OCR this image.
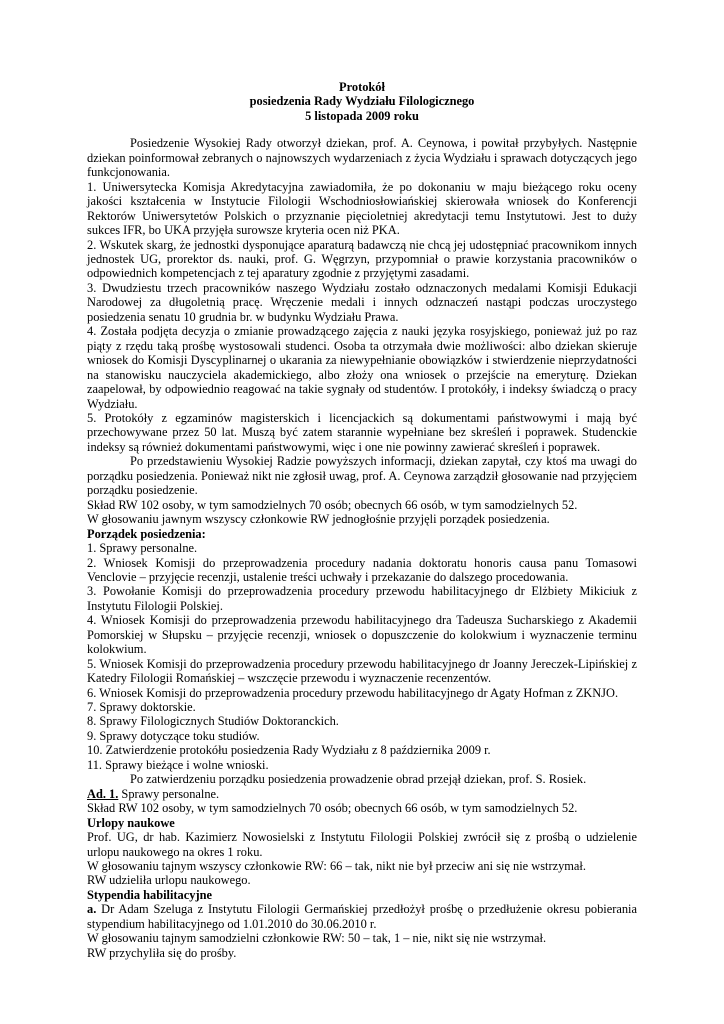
Protokół

posiedzenia Rady Wydziału Filologicznego

5 listopada 2009 roku

Posiedzenie Wysokiej Rady otworzył dziekan, prof. A. Ceynowa, i powitał przybyłych. Następnie dziekan poinformował zebranych o najnowszych wydarzeniach z życia Wydziału i sprawach dotyczących jego funkcjonowania.

1. Uniwersytecka Komisja Akredytacyjna zawiadomiła, że po dokonaniu w maju bieżącego roku oceny jakości kształcenia w Instytucie Filologii Wschodniosłowiańskiej skierowała wniosek do Konferencji Rektorów Uniwersytetów Polskich o przyznanie pięcioletniej akredytacji temu Instytutowi. Jest to duży sukces IFR, bo UKA przyjęła surowsze kryteria ocen niż PKA.

2. Wskutek skarg, że jednostki dysponujące aparaturą badawczą nie chcą jej udostępniać pracownikom innych jednostek UG, prorektor ds. nauki, prof. G. Węgrzyn, przypomniał o prawie korzystania pracowników o odpowiednich kompetencjach z tej aparatury zgodnie z przyjętymi zasadami.

3. Dwudziestu trzech pracowników naszego Wydziału zostało odznaczonych medalami Komisji Edukacji Narodowej za długoletnią pracę. Wręczenie medali i innych odznaczeń nastąpi podczas uroczystego posiedzenia senatu 10 grudnia br. w budynku Wydziału Prawa.

4. Została podjęta decyzja o zmianie prowadzącego zajęcia z nauki języka rosyjskiego, ponieważ już po raz piąty z rzędu taką prośbę wystosowali studenci. Osoba ta otrzymała dwie możliwości: albo dziekan skieruje wniosek do Komisji Dyscyplinarnej o ukarania za niewypełnianie obowiązków i stwierdzenie nieprzydatności na stanowisku nauczyciela akademickiego, albo złoży ona wniosek o przejście na emeryturę. Dziekan zaapelował, by odpowiednio reagować na takie sygnały od studentów. I protokóły, i indeksy świadczą o pracy Wydziału.

5. Protokóły z egzaminów magisterskich i licencjackich są dokumentami państwowymi i mają być przechowywane przez 50 lat. Muszą być zatem starannie wypełniane bez skreśleń i poprawek. Studenckie indeksy są również dokumentami państwowymi, więc i one nie powinny zawierać skreśleń i poprawek.

Po przedstawieniu Wysokiej Radzie powyższych informacji, dziekan zapytał, czy ktoś ma uwagi do porządku posiedzenia. Ponieważ nikt nie zgłosił uwag, prof. A. Ceynowa zarządził głosowanie nad przyjęciem porządku posiedzenie.

Skład RW 102 osoby, w tym samodzielnych 70 osób; obecnych 66 osób, w tym samodzielnych 52.

W głosowaniu jawnym wszyscy członkowie RW jednogłośnie przyjęli porządek posiedzenia.

Porządek posiedzenia:

1. Sprawy personalne.

2. Wniosek Komisji do przeprowadzenia procedury nadania doktoratu honoris causa panu Tomasowi Venclovie – przyjęcie recenzji, ustalenie treści uchwały i przekazanie do dalszego procedowania.

3. Powołanie Komisji do przeprowadzenia procedury przewodu habilitacyjnego dr Elżbiety Mikiciuk z Instytutu Filologii Polskiej.

4. Wniosek Komisji do przeprowadzenia przewodu habilitacyjnego dra Tadeusza Sucharskiego z Akademii Pomorskiej w Słupsku – przyjęcie recenzji, wniosek o dopuszczenie do kolokwium i wyznaczenie terminu kolokwium.

5. Wniosek Komisji do przeprowadzenia procedury przewodu habilitacyjnego dr Joanny Jereczek-Lipińskiej z Katedry Filologii Romańskiej – wszczęcie przewodu i wyznaczenie recenzentów.

6. Wniosek Komisji do przeprowadzenia procedury przewodu habilitacyjnego dr Agaty Hofman z ZKNJO.

7. Sprawy doktorskie.

8. Sprawy Filologicznych Studiów Doktoranckich.

9. Sprawy dotyczące toku studiów.

10. Zatwierdzenie protokółu posiedzenia Rady Wydziału z 8 października 2009 r.

11. Sprawy bieżące i wolne wnioski.

Po zatwierdzeniu porządku posiedzenia prowadzenie obrad przejął dziekan, prof. S. Rosiek.

Ad. 1. Sprawy personalne.

Skład RW 102 osoby, w tym samodzielnych 70 osób; obecnych 66 osób, w tym samodzielnych 52.

Urlopy naukowe

Prof. UG, dr hab. Kazimierz Nowosielski z Instytutu Filologii Polskiej zwrócił się z prośbą o udzielenie urlopu naukowego na okres 1 roku.

W głosowaniu tajnym wszyscy członkowie RW: 66 – tak, nikt nie był przeciw ani się nie wstrzymał.

RW udzieliła urlopu naukowego.

Stypendia habilitacyjne

a. Dr Adam Szeluga z Instytutu Filologii Germańskiej przedłożył prośbę o przedłużenie okresu pobierania stypendium habilitacyjnego od 1.01.2010 do 30.06.2010 r.

W głosowaniu tajnym samodzielni członkowie RW: 50 – tak, 1 – nie, nikt się nie wstrzymał.

RW przychyliła się do prośby.
